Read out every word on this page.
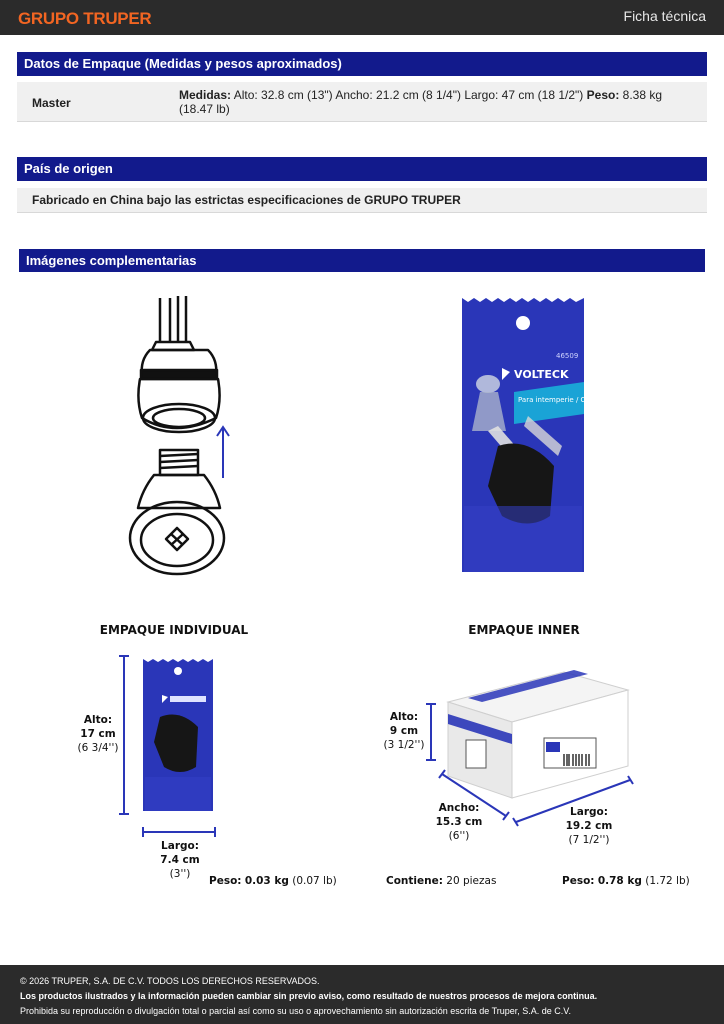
GRUPO TRUPER	Ficha técnica
Datos de Empaque (Medidas y pesos aproximados)
Master
Medidas: Alto: 32.8 cm (13") Ancho: 21.2 cm (8 1/4") Largo: 47 cm (18 1/2") Peso: 8.38 kg (18.47 lb)
País de origen
Fabricado en China bajo las estrictas especificaciones de GRUPO TRUPER
Imágenes complementarias
46509
VOLTECK
Para intemperie / Outdoor
EMPAQUE INDIVIDUAL
Alto:
17 cm
(6 3/4'')
Largo:
7.4 cm
(3'')
Peso: 0.03 kg (0.07 lb)
EMPAQUE INNER
Alto:
9 cm
(3 1/2'')
Ancho:
15.3 cm
(6'')
Largo:
19.2 cm
(7 1/2'')
Contiene: 20 piezas	Peso: 0.78 kg (1.72 lb)
© 2026 TRUPER, S.A. DE C.V. TODOS LOS DERECHOS RESERVADOS.
Los productos ilustrados y la información pueden cambiar sin previo aviso, como resultado de nuestros procesos de mejora continua.
Prohibida su reproducción o divulgación total o parcial así como su uso o aprovechamiento sin autorización escrita de Truper, S.A. de C.V.
